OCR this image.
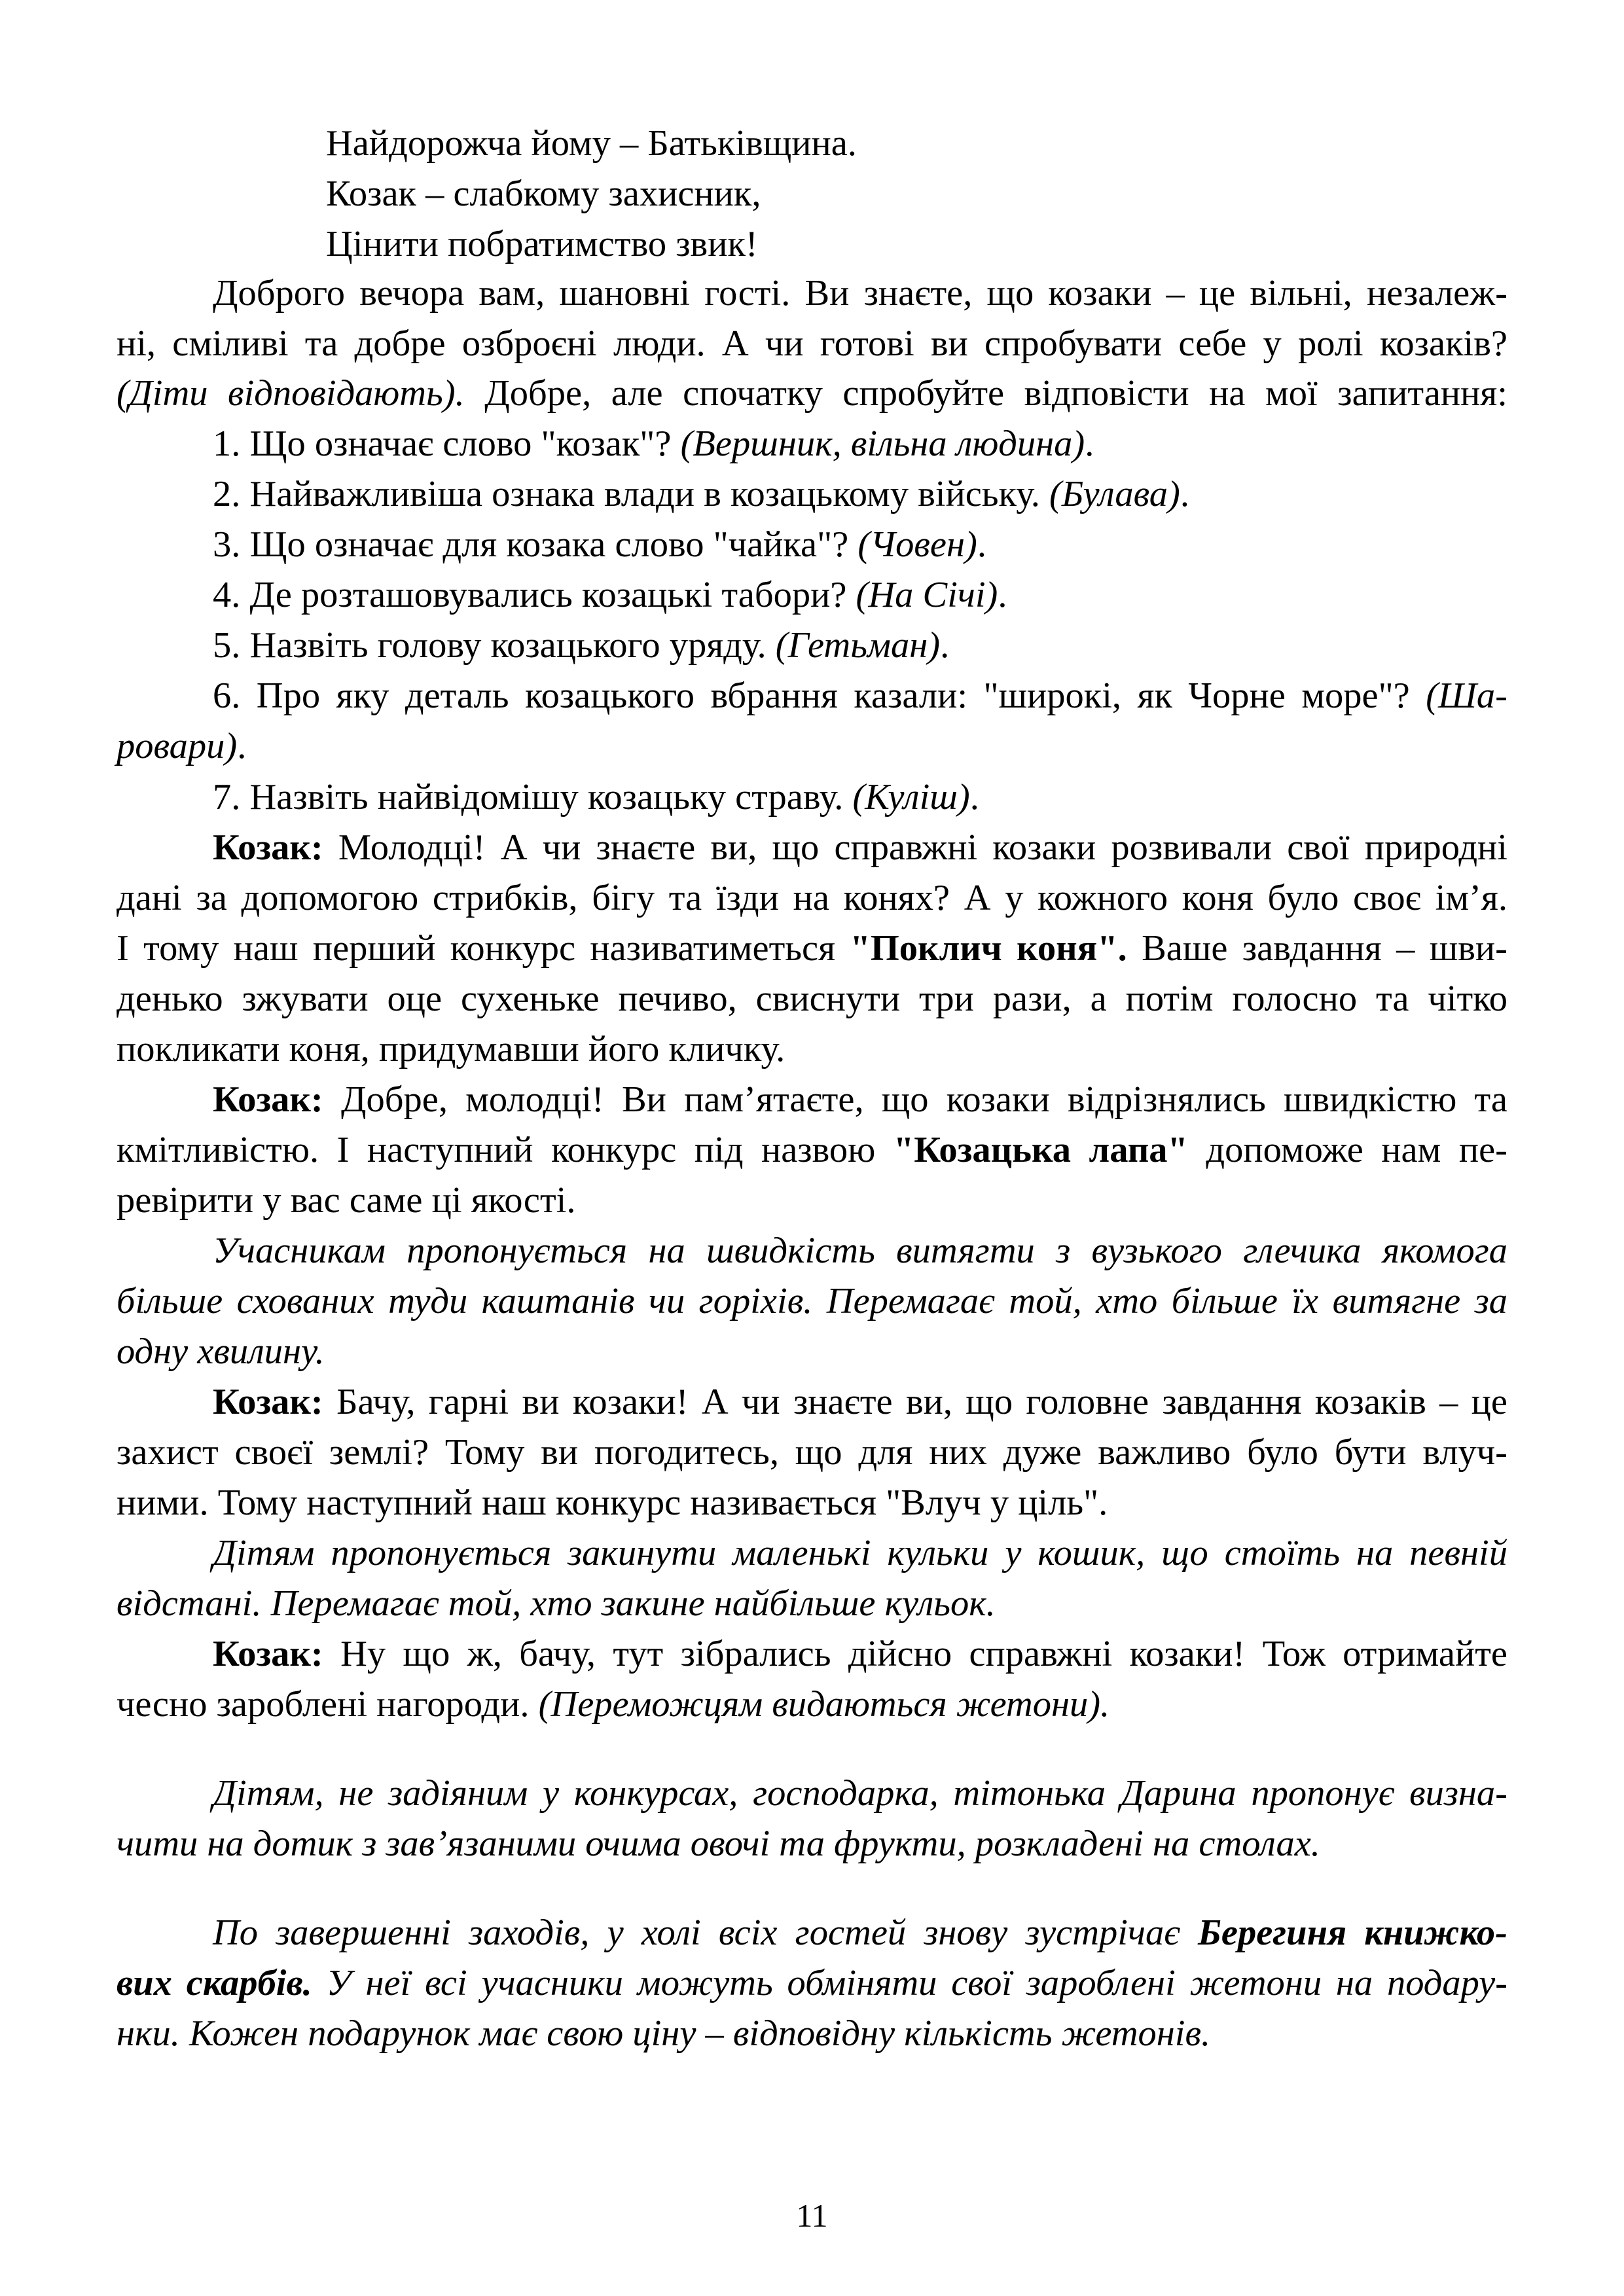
Найдорожча йому – Батьківщина.
Козак – слабкому захисник,
Цінити побратимство звик!
Доброго вечора вам, шановні гості. Ви знаєте, що козаки – це вільні, незалеж-
ні, сміливі та добре озброєні люди. А чи готові ви спробувати себе у ролі козаків?
(Діти відповідають). Добре, але спочатку спробуйте відповісти на мої запитання:
1. Що означає слово "козак"? (Вершник, вільна людина).
2. Найважливіша ознака влади в козацькому війську. (Булава).
3. Що означає для козака слово "чайка"? (Човен).
4. Де розташовувались козацькі табори? (На Січі).
5. Назвіть голову козацького уряду. (Гетьман).
6. Про яку деталь козацького вбрання казали: "широкі, як Чорне море"? (Ша-
ровари).
7. Назвіть найвідомішу козацьку страву. (Куліш).
Козак: Молодці! А чи знаєте ви, що справжні козаки розвивали свої природні
дані за допомогою стрибків, бігу та їзди на конях? А у кожного коня було своє ім’я.
І тому наш перший конкурс називатиметься "Поклич коня". Ваше завдання – шви-
денько зжувати оце сухеньке печиво, свиснути три рази, а потім голосно та чітко
покликати коня, придумавши його кличку.
Козак: Добре, молодці! Ви пам’ятаєте, що козаки відрізнялись швидкістю та
кмітливістю. І наступний конкурс під назвою "Козацька лапа" допоможе нам пе-
ревірити у вас саме ці якості.
Учасникам пропонується на швидкість витягти з вузького глечика якомога
більше схованих туди каштанів чи горіхів. Перемагає той, хто більше їх витягне за
одну хвилину.
Козак: Бачу, гарні ви козаки! А чи знаєте ви, що головне завдання козаків – це
захист своєї землі? Тому ви погодитесь, що для них дуже важливо було бути влуч-
ними. Тому наступний наш конкурс називається "Влуч у ціль".
Дітям пропонується закинути маленькі кульки у кошик, що стоїть на певній
відстані. Перемагає той, хто закине найбільше кульок.
Козак: Ну що ж, бачу, тут зібрались дійсно справжні козаки! Тож отримайте
чесно зароблені нагороди. (Переможцям видаються жетони).
Дітям, не задіяним у конкурсах, господарка, тітонька Дарина пропонує визна-
чити на дотик з зав’язаними очима овочі та фрукти, розкладені на столах.
По завершенні заходів, у холі всіх гостей знову зустрічає Берегиня книжко-
вих скарбів. У неї всі учасники можуть обміняти свої зароблені жетони на подару-
нки. Кожен подарунок має свою ціну – відповідну кількість жетонів.
11
